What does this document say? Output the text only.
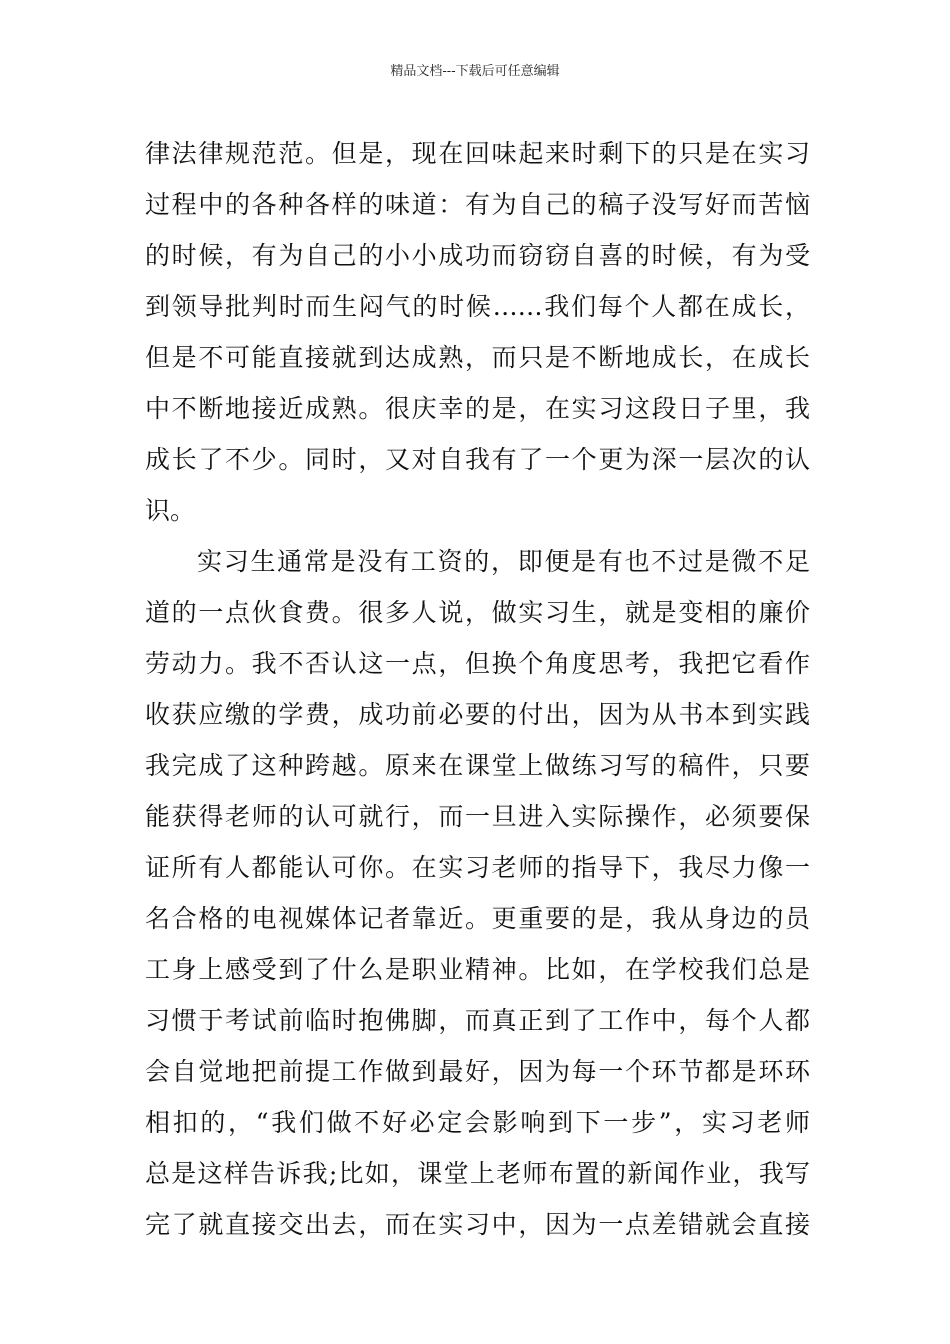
精品文档---下载后可任意编辑
律法律规范范。但是，现在回味起来时剩下的只是在实习
过程中的各种各样的味道：有为自己的稿子没写好而苦恼
的时候，有为自己的小小成功而窃窃自喜的时候，有为受
到领导批判时而生闷气的时候……我们每个人都在成长，
但是不可能直接就到达成熟，而只是不断地成长，在成长
中不断地接近成熟。很庆幸的是，在实习这段日子里，我
成长了不少。同时，又对自我有了一个更为深一层次的认
识。
实习生通常是没有工资的，即便是有也不过是微不足
道的一点伙食费。很多人说，做实习生，就是变相的廉价
劳动力。我不否认这一点，但换个角度思考，我把它看作
收获应缴的学费，成功前必要的付出，因为从书本到实践
我完成了这种跨越。原来在课堂上做练习写的稿件，只要
能获得老师的认可就行，而一旦进入实际操作，必须要保
证所有人都能认可你。在实习老师的指导下，我尽力像一
名合格的电视媒体记者靠近。更重要的是，我从身边的员
工身上感受到了什么是职业精神。比如，在学校我们总是
习惯于考试前临时抱佛脚，而真正到了工作中，每个人都
会自觉地把前提工作做到最好，因为每一个环节都是环环
相扣的，“我们做不好必定会影响到下一步”，实习老师
总是这样告诉我;比如，课堂上老师布置的新闻作业，我写
完了就直接交出去，而在实习中，因为一点差错就会直接
